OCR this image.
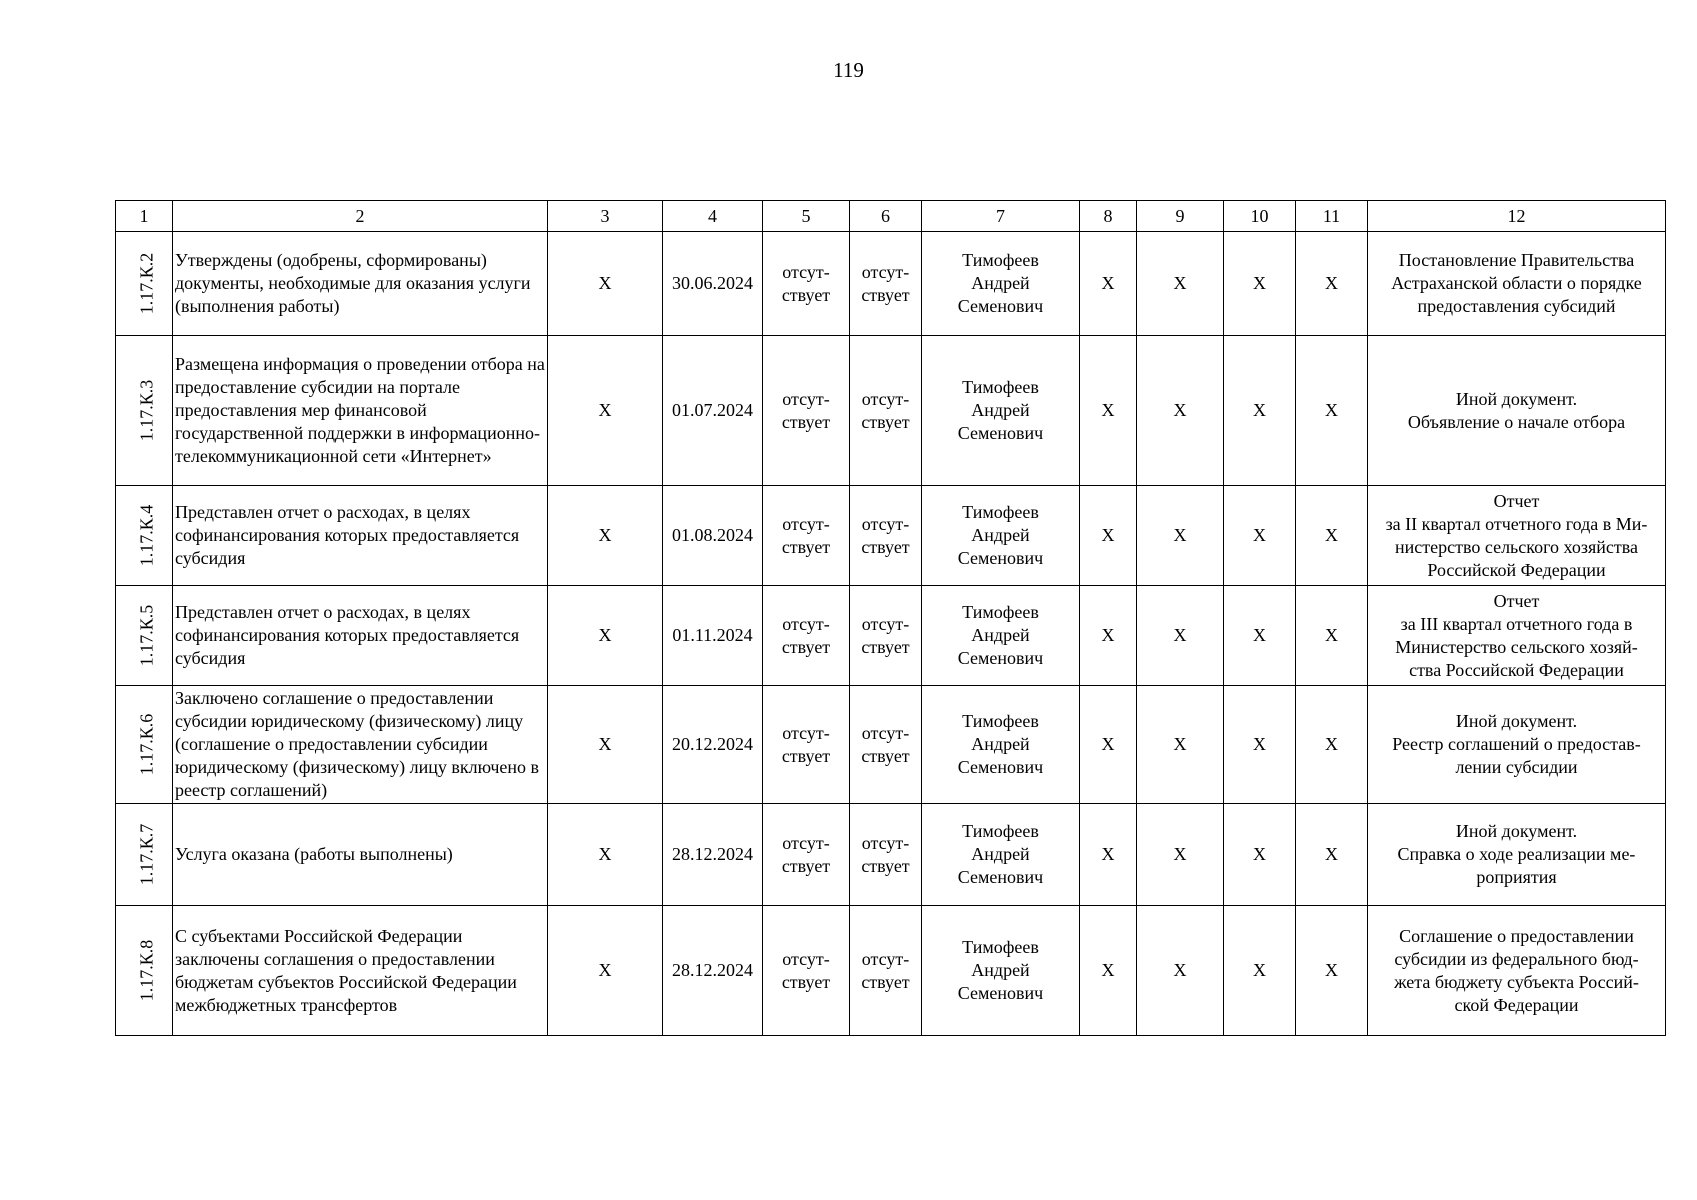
119
1	2	3	4	5	6	7	8	9	10	11	12
1.17.К.2	Утверждены (одобрены, сформированы) документы, необходимые для оказания услуги (выполнения работы)	X	30.06.2024	отсут-
ствует	отсут-
ствует	Тимофеев
Андрей
Семенович	X	X	X	X	Постановление Правительства
Астраханской области о порядке
предоставления субсидий

1.17.К.3	Размещена информация о проведении отбора на предоставление субсидии на портале предоставления мер финансовой государственной поддержки в информационно-телекоммуникационной сети «Интернет»	X	01.07.2024	отсут-
ствует	отсут-
ствует	Тимофеев
Андрей
Семенович	X	X	X	X	Иной документ.
Объявление о начале отбора

1.17.К.4	Представлен отчет о расходах, в целях софинансирования которых предоставляется субсидия	X	01.08.2024	отсут-
ствует	отсут-
ствует	Тимофеев
Андрей
Семенович	X	X	X	X	Отчет
за II квартал отчетного года в Ми-
нистерство сельского хозяйства
Российской Федерации

1.17.К.5	Представлен отчет о расходах, в целях софинансирования которых предоставляется субсидия	X	01.11.2024	отсут-
ствует	отсут-
ствует	Тимофеев
Андрей
Семенович	X	X	X	X	Отчет
за III квартал отчетного года в
Министерство сельского хозяй-
ства Российской Федерации

1.17.К.6	Заключено соглашение о предоставлении субсидии юридическому (физическому) лицу (соглашение о предоставлении субсидии юридическому (физическому) лицу включено в реестр соглашений)	X	20.12.2024	отсут-
ствует	отсут-
ствует	Тимофеев
Андрей
Семенович	X	X	X	X	Иной документ.
Реестр соглашений о предостав-
лении субсидии

1.17.К.7	Услуга оказана (работы выполнены)	X	28.12.2024	отсут-
ствует	отсут-
ствует	Тимофеев
Андрей
Семенович	X	X	X	X	Иной документ.
Справка о ходе реализации ме-
роприятия

1.17.К.8	С субъектами Российской Федерации заключены соглашения о предоставлении бюджетам субъектов Российской Федерации межбюджетных трансфертов	X	28.12.2024	отсут-
ствует	отсут-
ствует	Тимофеев
Андрей
Семенович	X	X	X	X	Соглашение о предоставлении
субсидии из федерального бюд-
жета бюджету субъекта Россий-
ской Федерации
